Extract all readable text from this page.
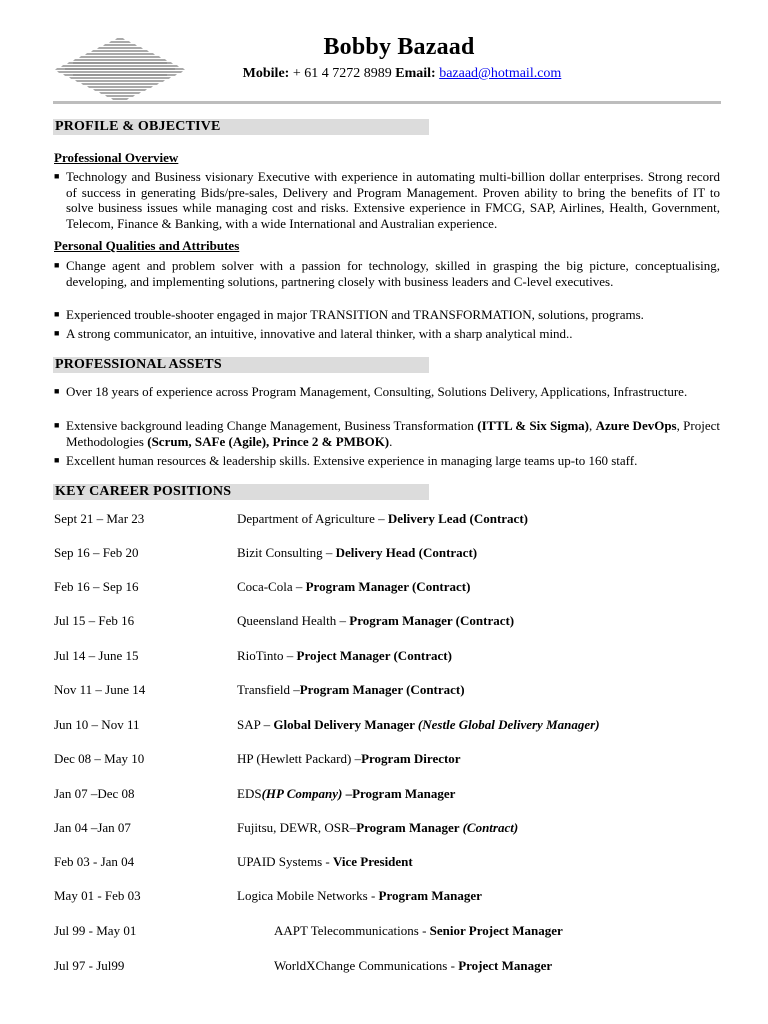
Bobby Bazaad
Mobile: + 61 4 7272 8989 Email: bazaad@hotmail.com
PROFILE & OBJECTIVE
Professional Overview
■ Technology and Business visionary Executive with experience in automating multi-billion dollar enterprises. Strong record of success in generating Bids/pre-sales, Delivery and Program Management. Proven ability to bring the benefits of IT to solve business issues while managing cost and risks. Extensive experience in FMCG, SAP, Airlines, Health, Government, Telecom, Finance & Banking, with a wide International and Australian experience.
Personal Qualities and Attributes
■ Change agent and problem solver with a passion for technology, skilled in grasping the big picture, conceptualising, developing, and implementing solutions, partnering closely with business leaders and C-level executives.
■ Experienced trouble-shooter engaged in major TRANSITION and TRANSFORMATION, solutions, programs.
■ A strong communicator, an intuitive, innovative and lateral thinker, with a sharp analytical mind..
PROFESSIONAL ASSETS
■ Over 18 years of experience across Program Management, Consulting, Solutions Delivery, Applications, Infrastructure.
■ Extensive background leading Change Management, Business Transformation (ITTL & Six Sigma), Azure DevOps, Project Methodologies (Scrum, SAFe (Agile), Prince 2 & PMBOK).
■ Excellent human resources & leadership skills. Extensive experience in managing large teams up-to 160 staff.
KEY CAREER POSITIONS
Sept 21 – Mar 23	Department of Agriculture – Delivery Lead (Contract)
Sep 16 – Feb 20	Bizit Consulting – Delivery Head (Contract)
Feb 16 – Sep 16	Coca-Cola – Program Manager (Contract)
Jul 15 – Feb 16	Queensland Health – Program Manager (Contract)
Jul 14 – June 15	RioTinto – Project Manager (Contract)
Nov 11 – June 14	Transfield –Program Manager (Contract)
Jun 10 – Nov 11	SAP – Global Delivery Manager (Nestle Global Delivery Manager)
Dec 08 – May 10	HP (Hewlett Packard) –Program Director
Jan 07 –Dec 08	EDS(HP Company) –Program Manager
Jan 04 –Jan 07	Fujitsu, DEWR, OSR–Program Manager (Contract)
Feb 03 - Jan 04	UPAID Systems - Vice President
May 01 - Feb 03	Logica Mobile Networks - Program Manager
Jul 99 - May 01	AAPT Telecommunications - Senior Project Manager
Jul 97 - Jul99	WorldXChange Communications - Project Manager
